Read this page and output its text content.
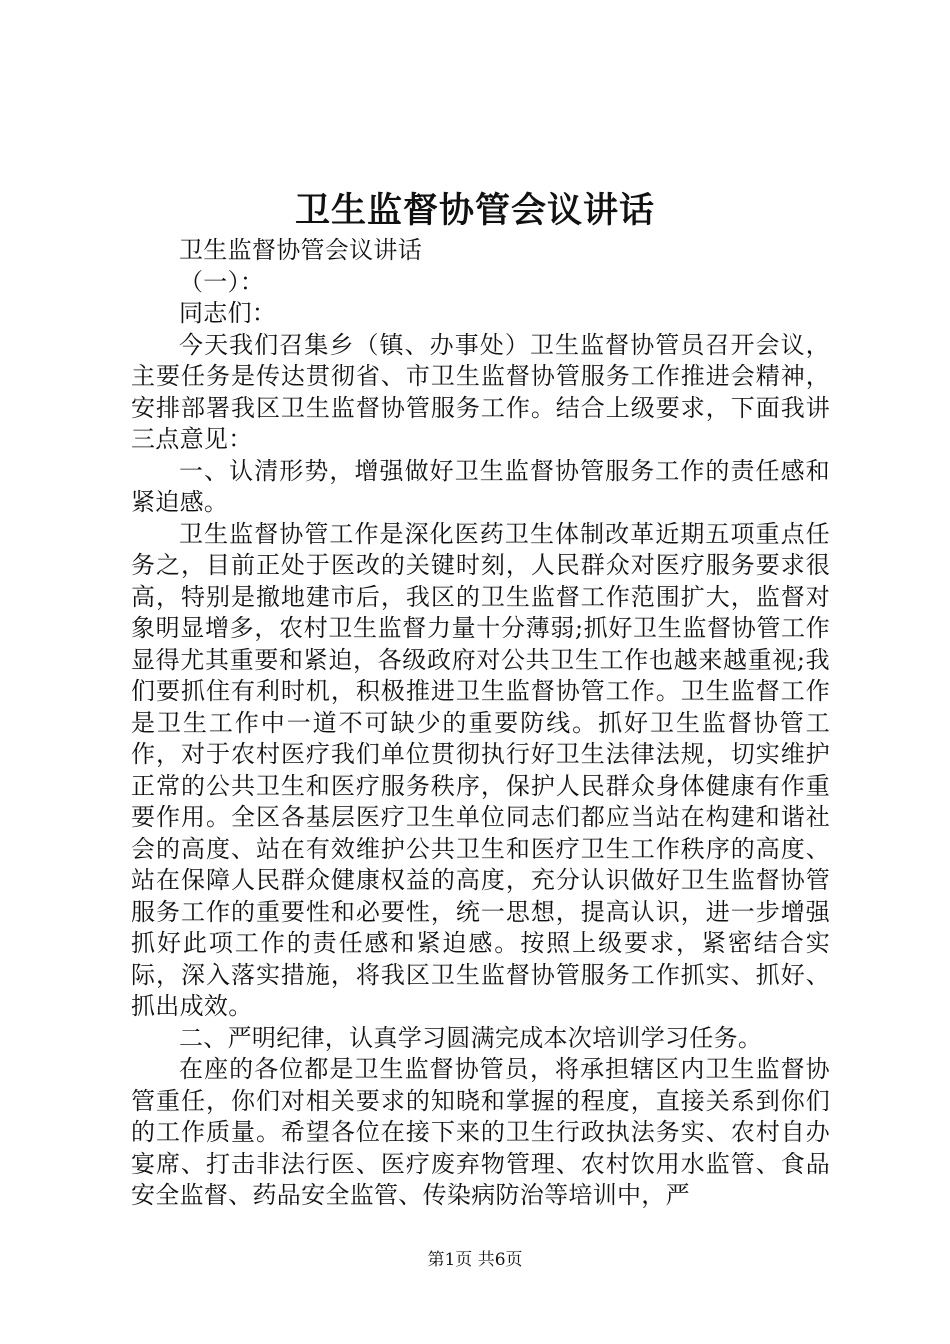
卫生监督协管会议讲话

卫生监督协管会议讲话

（一）：

同志们：

今天我们召集乡（镇、办事处）卫生监督协管员召开会议，主要任务是传达贯彻省、市卫生监督协管服务工作推进会精神，安排部署我区卫生监督协管服务工作。结合上级要求，下面我讲三点意见：

一、认清形势，增强做好卫生监督协管服务工作的责任感和紧迫感。

卫生监督协管工作是深化医药卫生体制改革近期五项重点任务之，目前正处于医改的关键时刻，人民群众对医疗服务要求很高，特别是撤地建市后，我区的卫生监督工作范围扩大，监督对象明显增多，农村卫生监督力量十分薄弱;抓好卫生监督协管工作显得尤其重要和紧迫，各级政府对公共卫生工作也越来越重视;我们要抓住有利时机，积极推进卫生监督协管工作。卫生监督工作是卫生工作中一道不可缺少的重要防线。抓好卫生监督协管工作，对于农村医疗我们单位贯彻执行好卫生法律法规，切实维护正常的公共卫生和医疗服务秩序，保护人民群众身体健康有作重要作用。全区各基层医疗卫生单位同志们都应当站在构建和谐社会的高度、站在有效维护公共卫生和医疗卫生工作秩序的高度、站在保障人民群众健康权益的高度，充分认识做好卫生监督协管服务工作的重要性和必要性，统一思想，提高认识，进一步增强抓好此项工作的责任感和紧迫感。按照上级要求，紧密结合实际，深入落实措施，将我区卫生监督协管服务工作抓实、抓好、抓出成效。

二、严明纪律，认真学习圆满完成本次培训学习任务。

在座的各位都是卫生监督协管员，将承担辖区内卫生监督协管重任，你们对相关要求的知晓和掌握的程度，直接关系到你们的工作质量。希望各位在接下来的卫生行政执法务实、农村自办宴席、打击非法行医、医疗废弃物管理、农村饮用水监管、食品安全监督、药品安全监管、传染病防治等培训中，严

第1页 共6页
